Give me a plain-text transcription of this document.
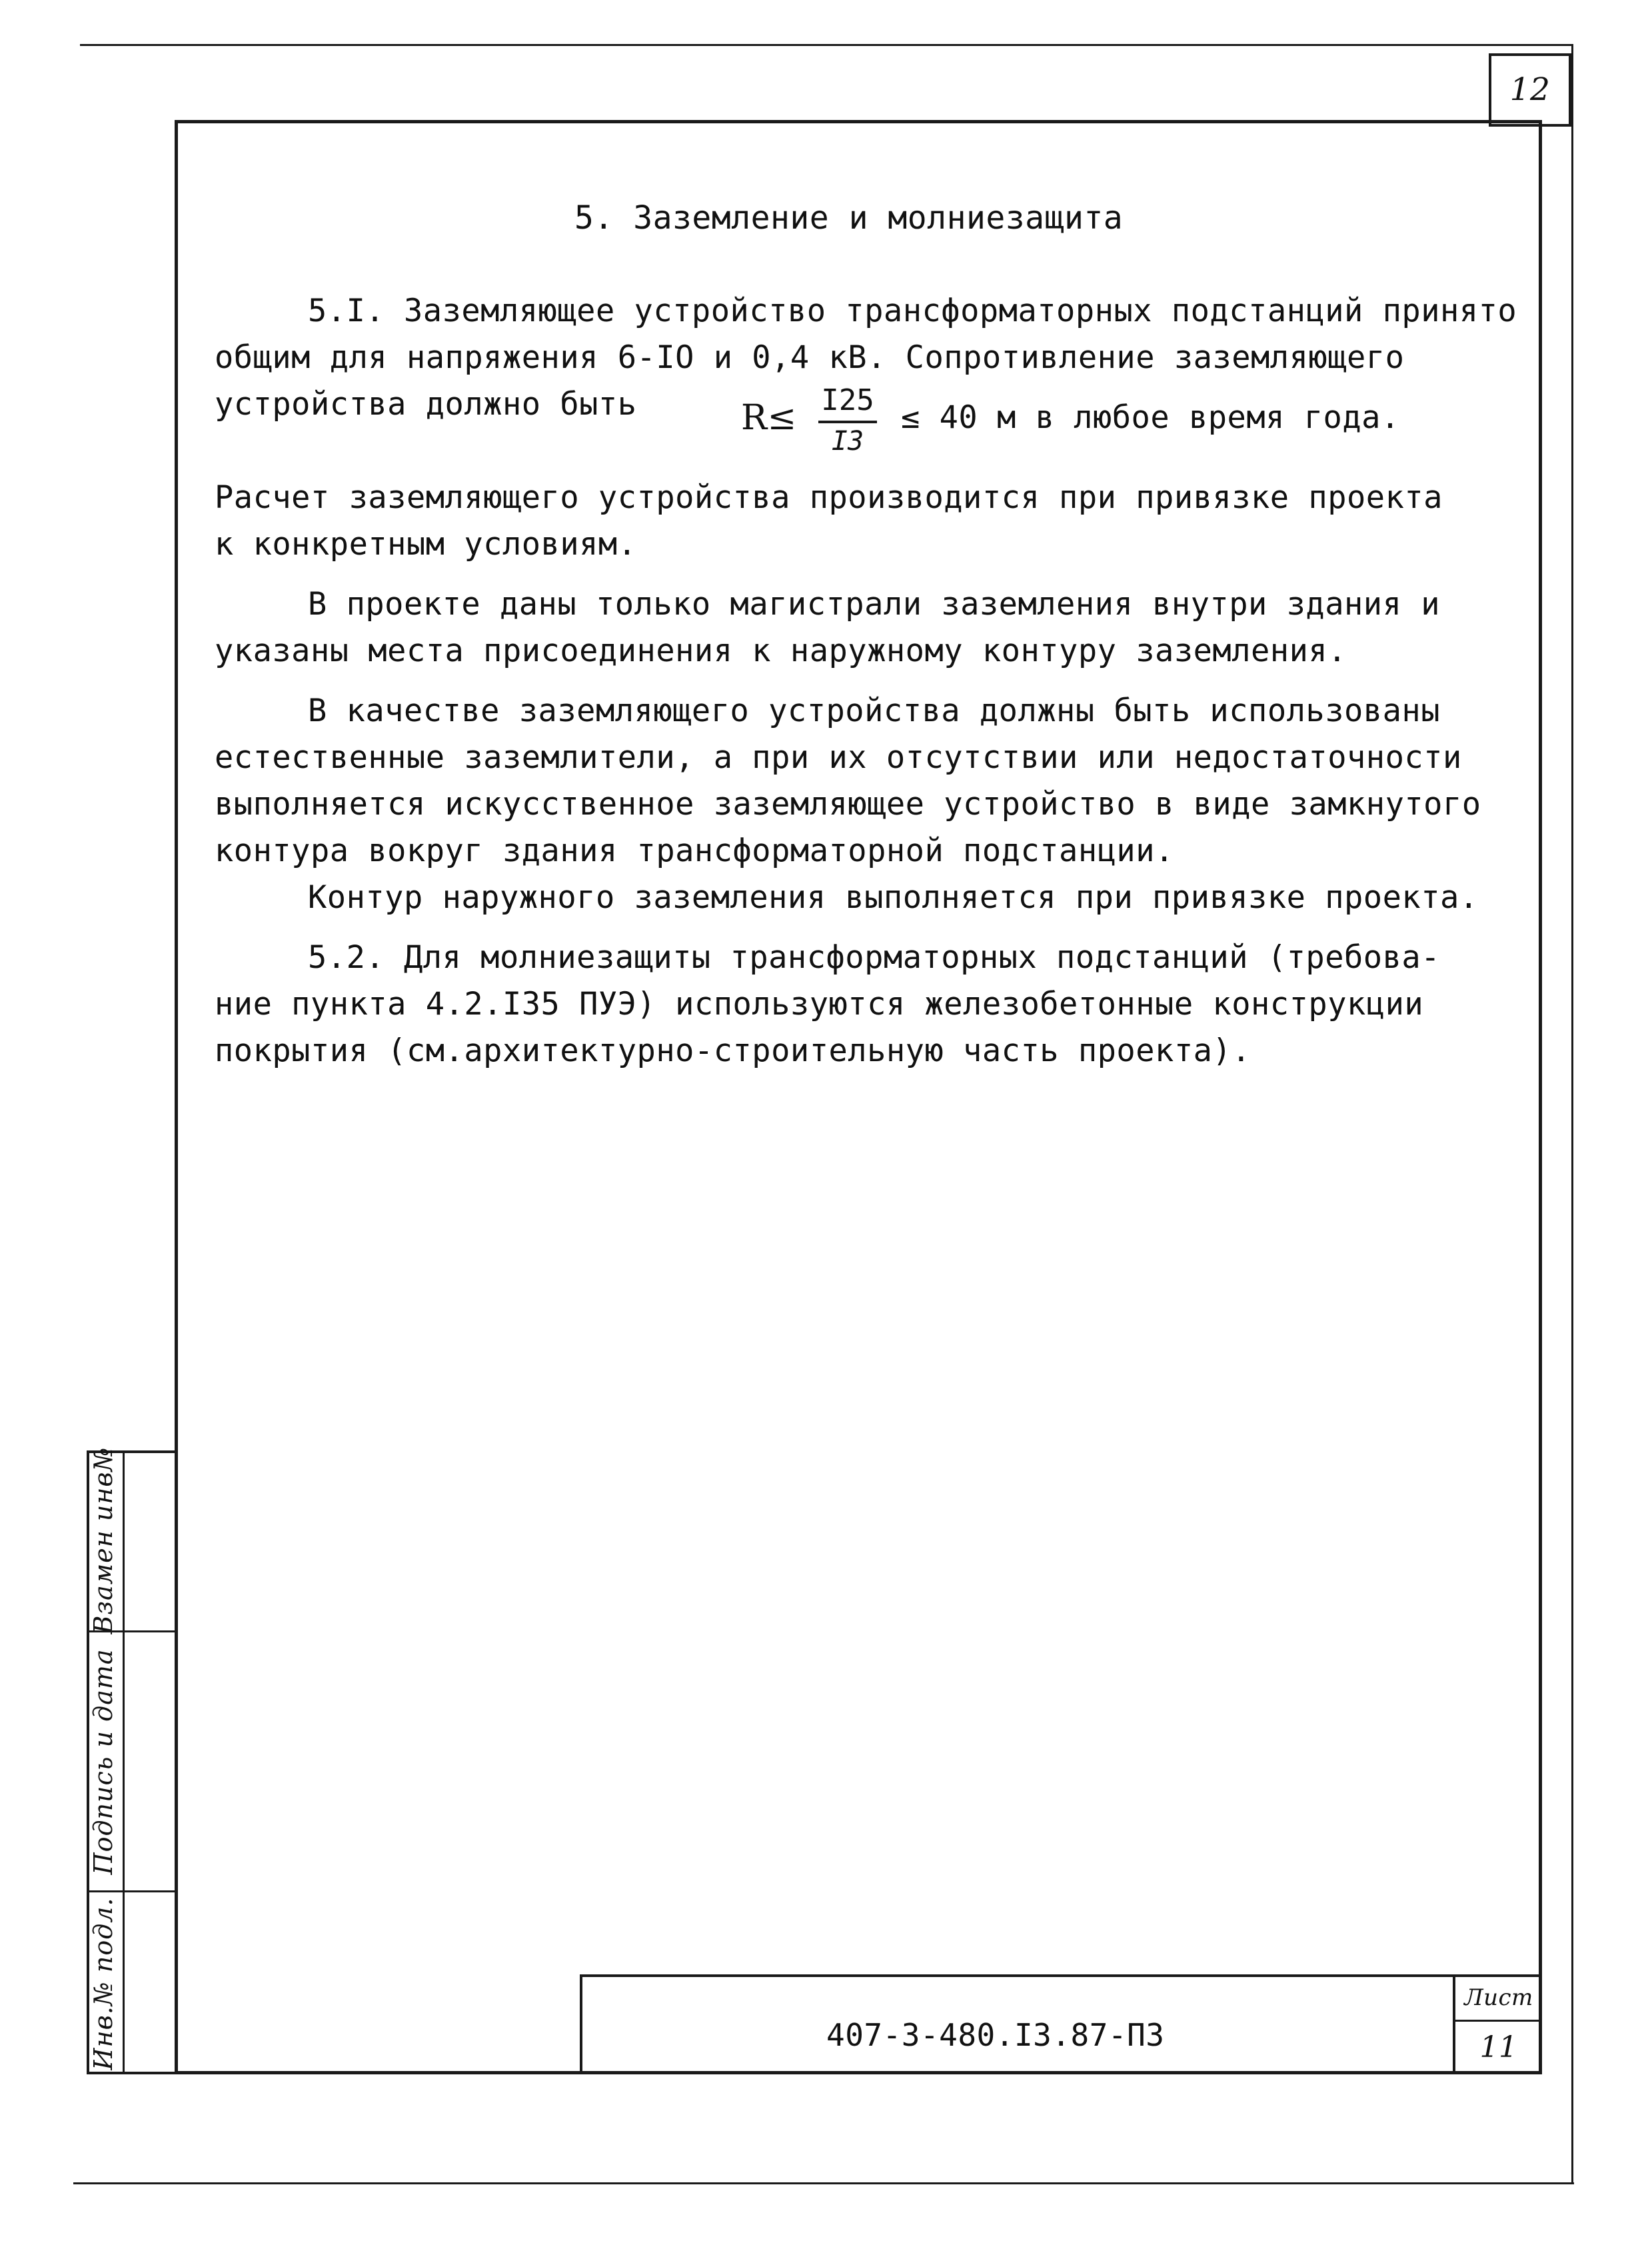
12
5. Заземление и молниезащита
5.I. Заземляющее устройство трансформаторных подстанций принято
общим для напряжения 6-IO и 0,4 кВ. Сопротивление заземляющего
устройства должно быть	R≤ I25
I3
≤ 40 м в любое время года.
Расчет заземляющего устройства производится при привязке проекта
к конкретным условиям.
В проекте даны только магистрали заземления внутри здания и
указаны места присоединения к наружному контуру заземления.
В качестве заземляющего устройства должны быть использованы
естественные заземлители, а при их отсутствии или недостаточности
выполняется искусственное заземляющее устройство в виде замкнутого
контура вокруг здания трансформаторной подстанции.
Контур наружного заземления выполняется при привязке проекта.
5.2. Для молниезащиты трансформаторных подстанций (требова-
ние пункта 4.2.I35 ПУЭ) используются железобетонные конструкции
покрытия (см.архитектурно-строительную часть проекта).
Взамен инв№
Подпись и дата
Инв.№ подл.	407-3-480.I3.87-ПЗ
Лист
11
